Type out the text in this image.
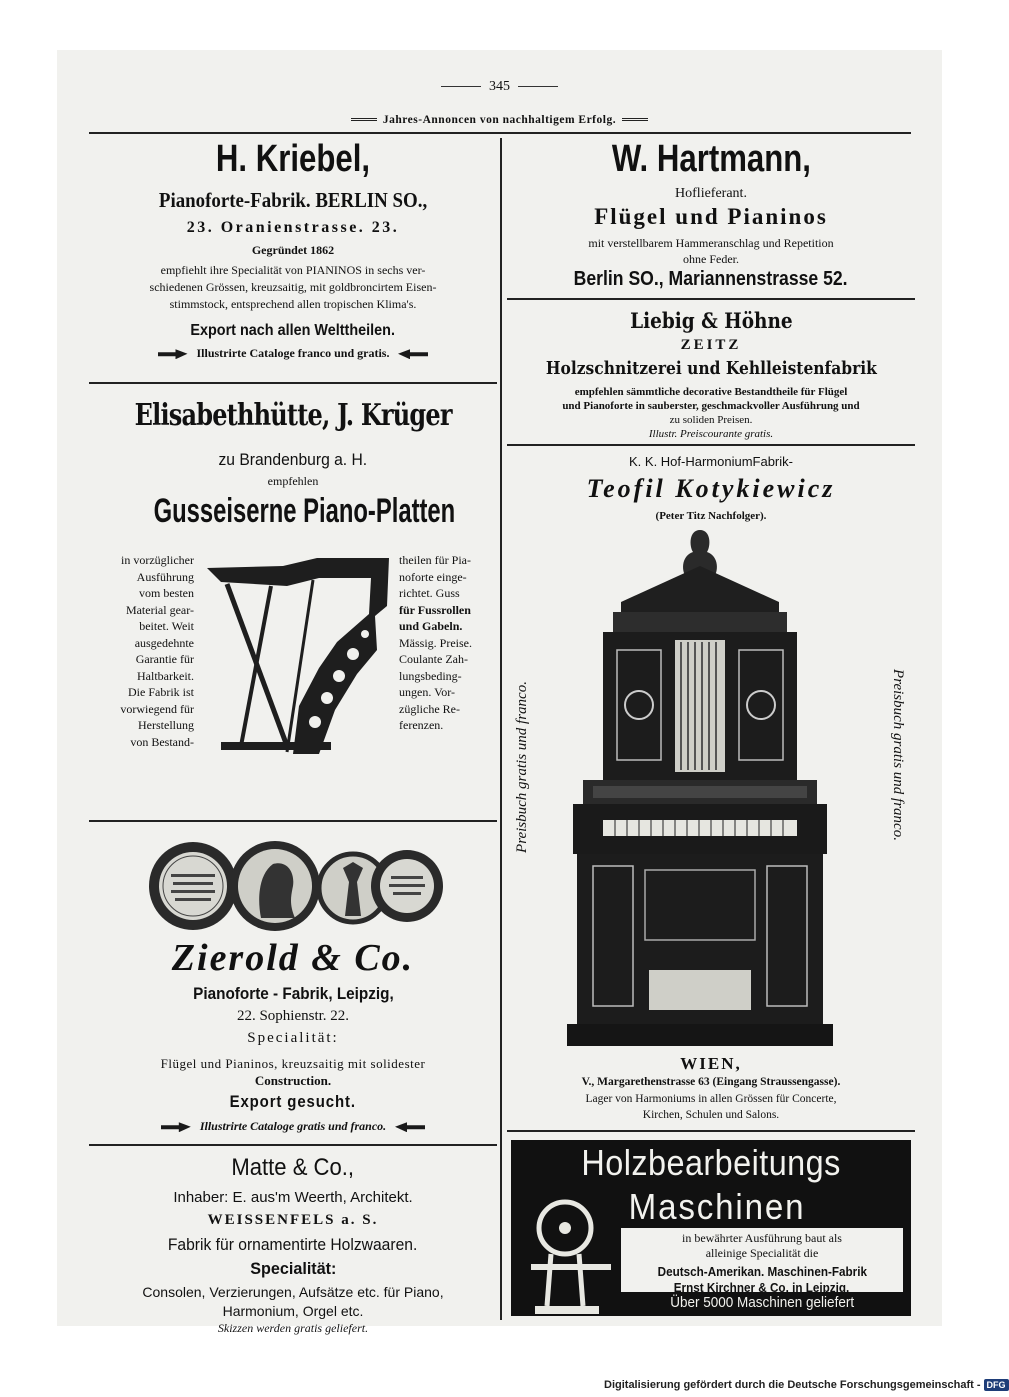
345
Jahres-Annoncen von nachhaltigem Erfolg.
H. Kriebel,
Pianoforte-Fabrik. BERLIN SO.,
23. Oranienstrasse. 23.
Gegründet 1862
empfiehlt ihre Specialität von PIANINOS in sechs ver-
schiedenen Grössen, kreuzsaitig, mit goldbroncirtem Eisen-
stimmstock, entsprechend allen tropischen Klima's.
Export nach allen Welttheilen.
Illustrirte Cataloge franco und gratis.
Elisabethhütte, J. Krüger
zu Brandenburg a. H.
empfehlen
Gusseiserne Piano-Platten
in vorzüglicher
Ausführung
vom besten
Material gear-
beitet. Weit
ausgedehnte
Garantie für
Haltbarkeit.
Die Fabrik ist
vorwiegend für
Herstellung
von Bestand-
theilen für Pia-
noforte einge-
richtet. Guss
für Fussrollen
und Gabeln.
Mässig. Preise.
Coulante Zah-
lungsbeding-
ungen. Vor-
zügliche Re-
ferenzen.
Zierold & Co.
Pianoforte - Fabrik, Leipzig,
22. Sophienstr. 22.
Specialität:
Flügel und Pianinos, kreuzsaitig mit solidester
Construction.
Export gesucht.
Illustrirte Cataloge gratis und franco.
Matte & Co.,
Inhaber: E. aus'm Weerth, Architekt.
WEISSENFELS a. S.
Fabrik für ornamentirte Holzwaaren.
Specialität:
Consolen, Verzierungen, Aufsätze etc. für Piano,
Harmonium, Orgel etc.
Skizzen werden gratis geliefert.
W. Hartmann,
Hoflieferant.
Flügel und Pianinos
mit verstellbarem Hammeranschlag und Repetition
ohne Feder.
Berlin SO., Mariannenstrasse 52.
Liebig & Höhne
ZEITZ
Holzschnitzerei und Kehlleistenfabrik
empfehlen sämmtliche decorative Bestandtheile für Flügel
und Pianoforte in sauberster, geschmackvoller Ausführung und
zu soliden Preisen.
Illustr. Preiscourante gratis.
K. K. Hof-HarmoniumFabrik-
Teofil Kotykiewicz
(Peter Titz Nachfolger).
Preisbuch gratis und franco.	Preisbuch gratis und franco.
WIEN,
V., Margarethenstrasse 63 (Eingang Straussengasse).
Lager von Harmoniums in allen Grössen für Concerte,
Kirchen, Schulen und Salons.
Holzbearbeitungs
Maschinen
in bewährter Ausführung baut als
alleinige Specialität die
Deutsch-Amerikan. Maschinen-Fabrik
Ernst Kirchner & Co. in Leipzig.
Über 5000 Maschinen geliefert
Digitalisierung gefördert durch die Deutsche Forschungsgemeinschaft - DFG
